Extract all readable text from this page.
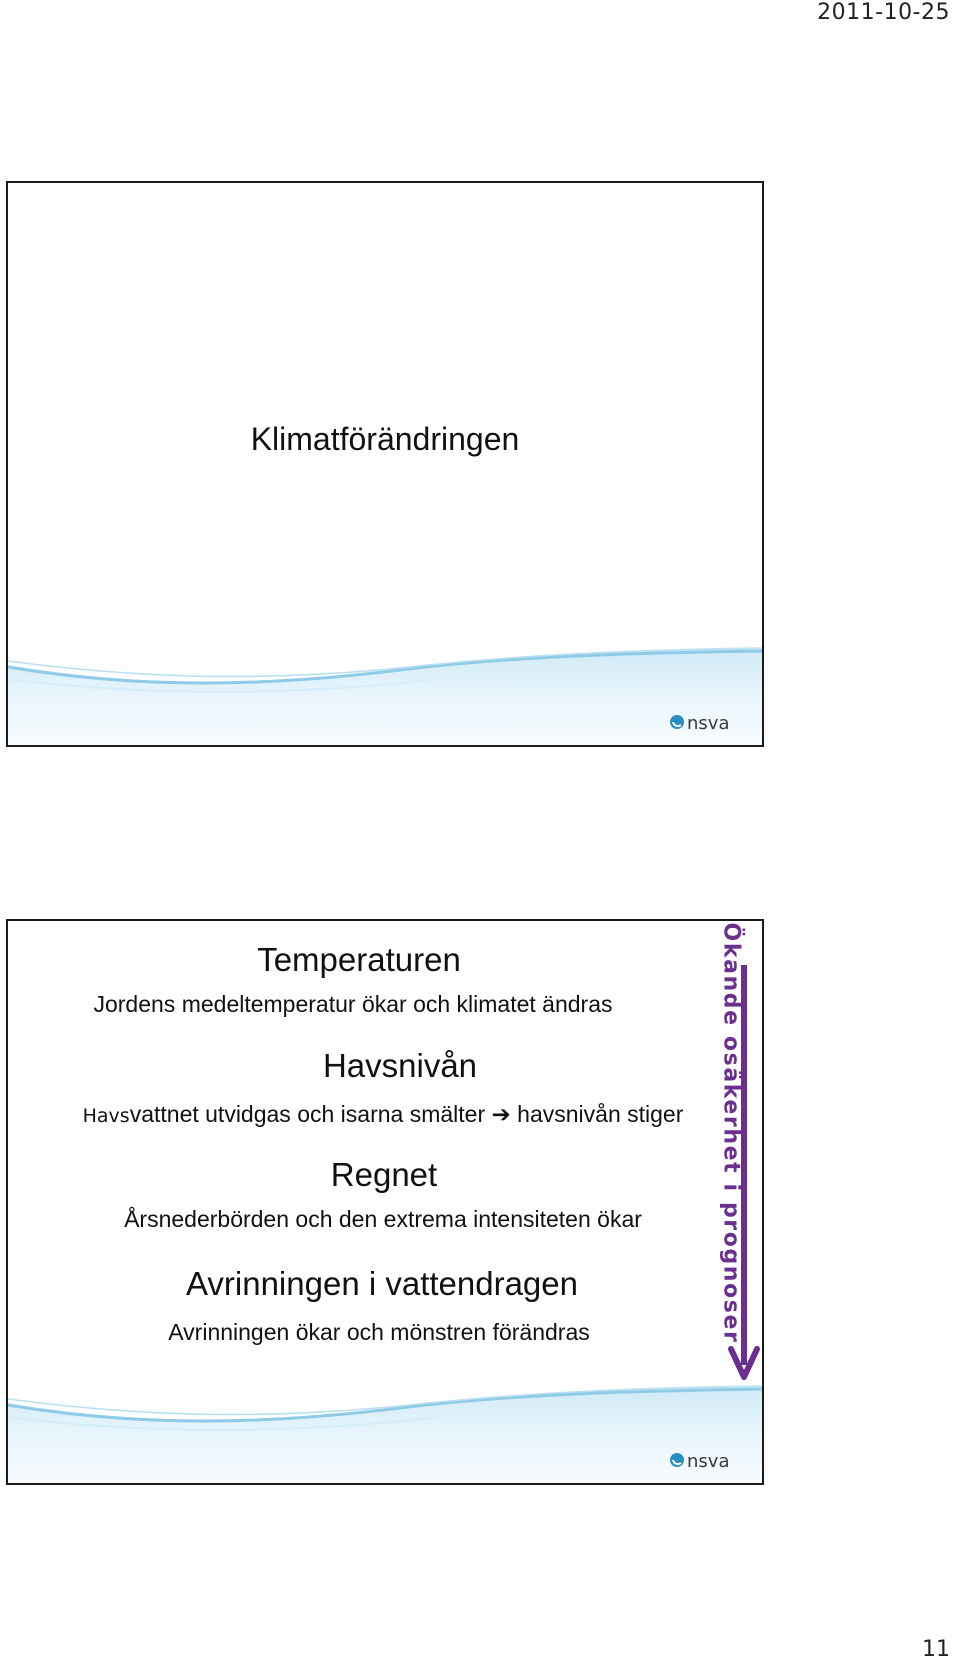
2011-10-25
Klimatförändringen
nsva
Temperaturen
Jordens medeltemperatur ökar och klimatet ändras
Havsnivån
Havsvattnet utvidgas och isarna smälter ➔ havsnivån stiger
Regnet
Årsnederbörden och den extrema intensiteten ökar
Avrinningen i vattendragen
Avrinningen ökar och mönstren förändras	Ökande osäkerhet i prognoser
nsva
11
